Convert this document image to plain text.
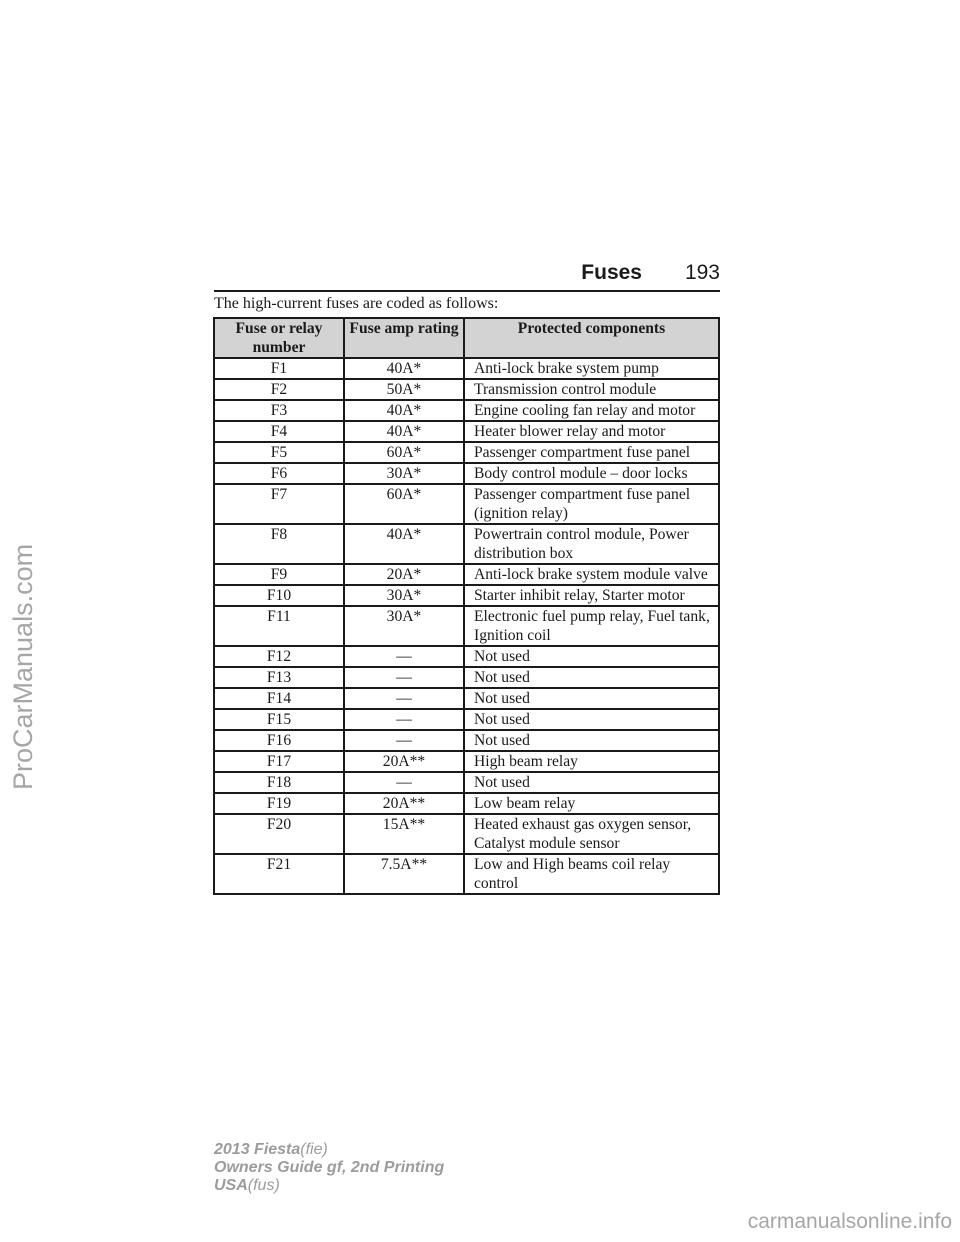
ProCarManuals.com
Fuses 193
The high-current fuses are coded as follows:
Fuse or relay number	Fuse amp rating	Protected components
F1	40A*	Anti-lock brake system pump
F2	50A*	Transmission control module
F3	40A*	Engine cooling fan relay and motor
F4	40A*	Heater blower relay and motor
F5	60A*	Passenger compartment fuse panel
F6	30A*	Body control module – door locks
F7	60A*	Passenger compartment fuse panel (ignition relay)
F8	40A*	Powertrain control module, Power distribution box
F9	20A*	Anti-lock brake system module valve
F10	30A*	Starter inhibit relay, Starter motor
F11	30A*	Electronic fuel pump relay, Fuel tank, Ignition coil
F12	—	Not used
F13	—	Not used
F14	—	Not used
F15	—	Not used
F16	—	Not used
F17	20A**	High beam relay
F18	—	Not used
F19	20A**	Low beam relay
F20	15A**	Heated exhaust gas oxygen sensor, Catalyst module sensor
F21	7.5A**	Low and High beams coil relay control
2013 Fiesta(fie)
Owners Guide gf, 2nd Printing
USA(fus)
carmanualsonline.info
